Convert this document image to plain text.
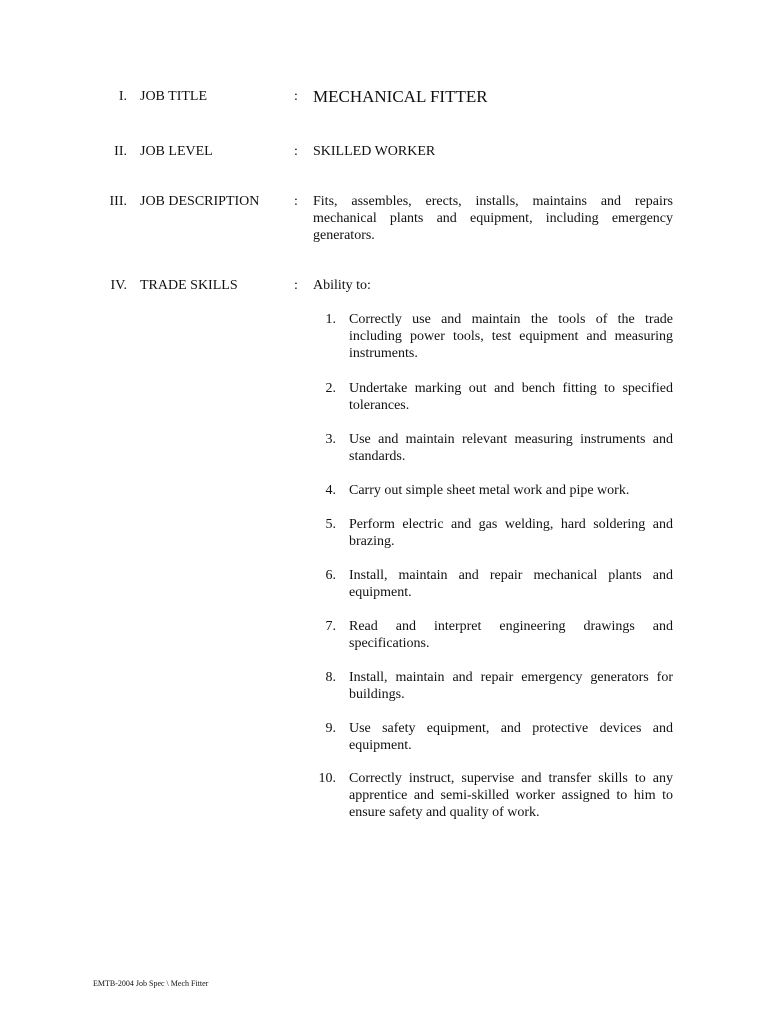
I. JOB TITLE	: MECHANICAL FITTER
II. JOB LEVEL	: SKILLED WORKER
III. JOB DESCRIPTION : Fits, assembles, erects, installs, maintains and repairs mechanical plants and equipment, including emergency generators.
IV. TRADE SKILLS	: Ability to:
1. Correctly use and maintain the tools of the trade including power tools, test equipment and measuring instruments.
2. Undertake marking out and bench fitting to specified tolerances.
3. Use and maintain relevant measuring instruments and standards.
4. Carry out simple sheet metal work and pipe work.
5. Perform electric and gas welding, hard soldering and brazing.
6. Install, maintain and repair mechanical plants and equipment.
7. Read and interpret engineering drawings and specifications.
8. Install, maintain and repair emergency generators for buildings.
9. Use safety equipment, and protective devices and equipment.
10. Correctly instruct, supervise and transfer skills to any apprentice and semi-skilled worker assigned to him to ensure safety and quality of work.
EMTB-2004 Job Spec \ Mech Fitter
